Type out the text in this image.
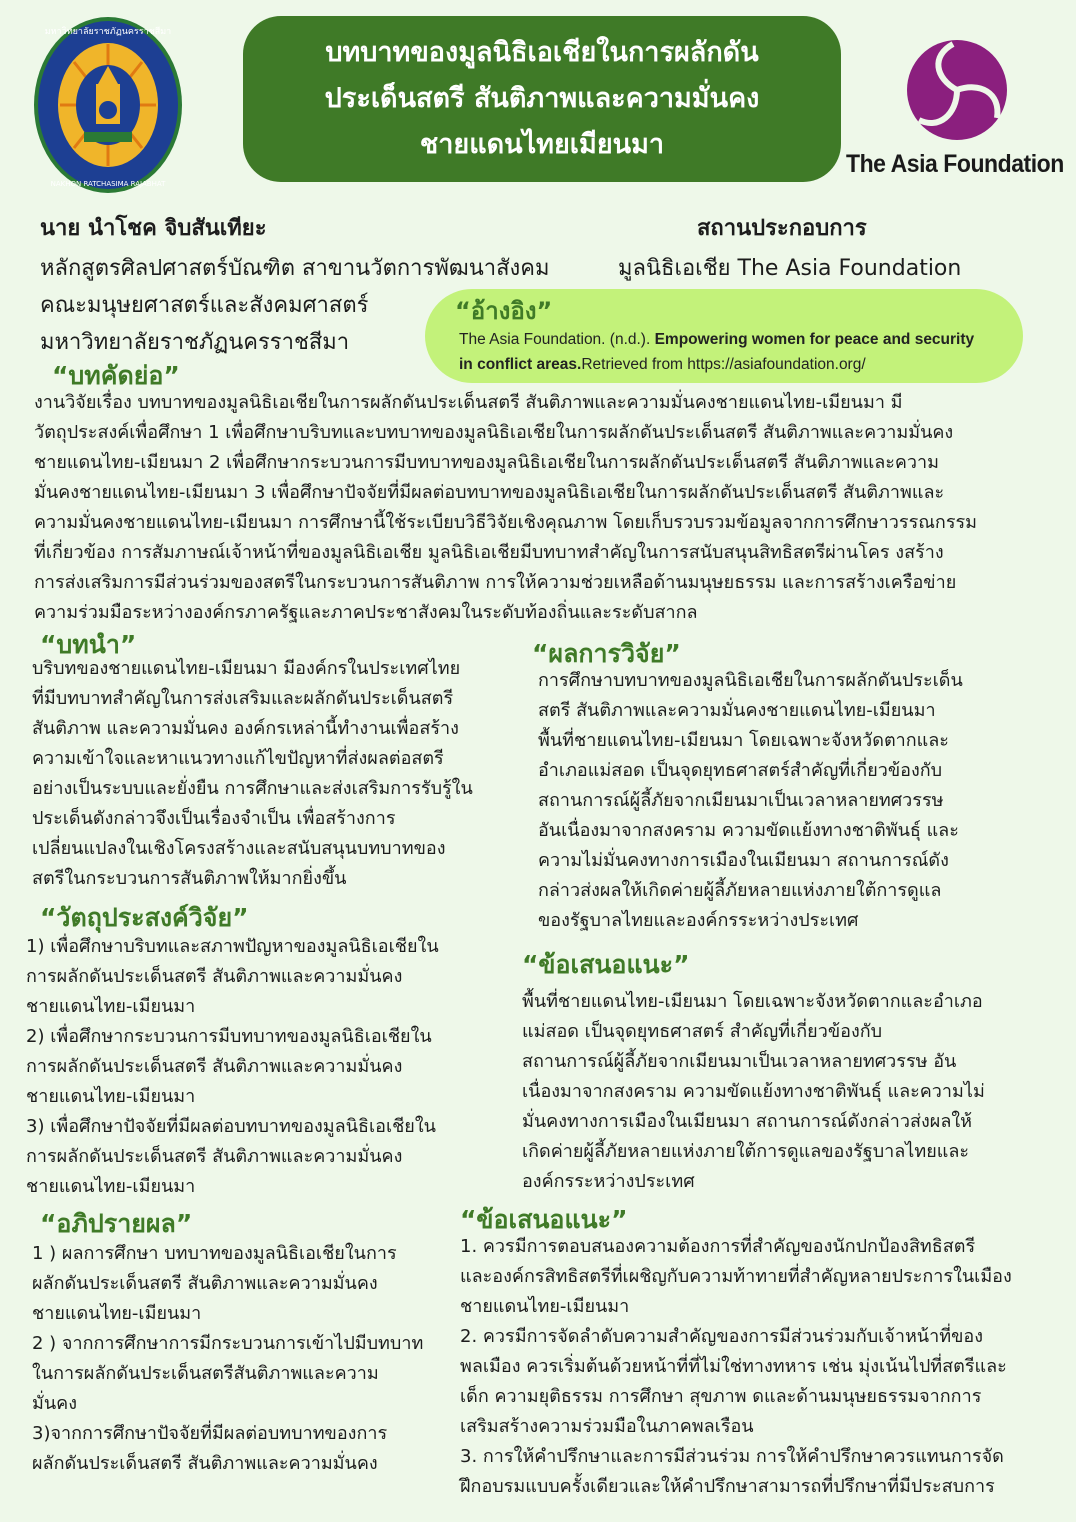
มหาวิทยาลัยราชภัฏนครราชสีมา
NAKHON RATCHASIMA RAJABHAT
The Asia Foundation
บทบาทของมูลนิธิเอเชียในการผลักดัน
ประเด็นสตรี สันติภาพและความมั่นคง
ชายแดนไทยเมียนมา
นาย นำโชค จิบสันเทียะ
หลักสูตรศิลปศาสตร์บัณฑิต สาขานวัตการพัฒนาสังคม
คณะมนุษยศาสตร์และสังคมศาสตร์
มหาวิทยาลัยราชภัฏนครราชสีมา
สถานประกอบการ
มูลนิธิเอเชีย The Asia Foundation
“อ้างอิง”
The Asia Foundation. (n.d.). Empowering women for peace and security
in conflict areas.Retrieved from https://asiafoundation.org/
“บทคัดย่อ”
งานวิจัยเรื่อง บทบาทของมูลนิธิเอเชียในการผลักดันประเด็นสตรี สันติภาพและความมั่นคงชายแดนไทย-เมียนมา มี
วัตถุประสงค์เพื่อศึกษา 1 เพื่อศึกษาบริบทและบทบาทของมูลนิธิเอเชียในการผลักดันประเด็นสตรี สันติภาพและความมั่นคง
ชายแดนไทย-เมียนมา 2 เพื่อศึกษากระบวนการมีบทบาทของมูลนิธิเอเชียในการผลักดันประเด็นสตรี สันติภาพและความ
มั่นคงชายแดนไทย-เมียนมา 3 เพื่อศึกษาปัจจัยที่มีผลต่อบทบาทของมูลนิธิเอเชียในการผลักดันประเด็นสตรี สันติภาพและ
ความมั่นคงชายแดนไทย-เมียนมา การศึกษานี้ใช้ระเบียบวิธีวิจัยเชิงคุณภาพ โดยเก็บรวบรวมข้อมูลจากการศึกษาวรรณกรรม
ที่เกี่ยวข้อง การสัมภาษณ์เจ้าหน้าที่ของมูลนิธิเอเชีย มูลนิธิเอเชียมีบทบาทสำคัญในการสนับสนุนสิทธิสตรีผ่านโคร งสร้าง
การส่งเสริมการมีส่วนร่วมของสตรีในกระบวนการสันติภาพ การให้ความช่วยเหลือด้านมนุษยธรรม และการสร้างเครือข่าย
ความร่วมมือระหว่างองค์กรภาครัฐและภาคประชาสังคมในระดับท้องถิ่นและระดับสากล
“บทนำ”
บริบทของชายแดนไทย-เมียนมา มีองค์กรในประเทศไทย
ที่มีบทบาทสำคัญในการส่งเสริมและผลักดันประเด็นสตรี
สันติภาพ และความมั่นคง องค์กรเหล่านี้ทำงานเพื่อสร้าง
ความเข้าใจและหาแนวทางแก้ไขปัญหาที่ส่งผลต่อสตรี
อย่างเป็นระบบและยั่งยืน การศึกษาและส่งเสริมการรับรู้ใน
ประเด็นดังกล่าวจึงเป็นเรื่องจำเป็น เพื่อสร้างการ
เปลี่ยนแปลงในเชิงโครงสร้างและสนับสนุนบทบาทของ
สตรีในกระบวนการสันติภาพให้มากยิ่งขึ้น
“วัตถุประสงค์วิจัย”
1) เพื่อศึกษาบริบทและสภาพปัญหาของมูลนิธิเอเชียใน
การผลักดันประเด็นสตรี สันติภาพและความมั่นคง
ชายแดนไทย-เมียนมา
2) เพื่อศึกษากระบวนการมีบทบาทของมูลนิธิเอเชียใน
การผลักดันประเด็นสตรี สันติภาพและความมั่นคง
ชายแดนไทย-เมียนมา
3) เพื่อศึกษาปัจจัยที่มีผลต่อบทบาทของมูลนิธิเอเชียใน
การผลักดันประเด็นสตรี สันติภาพและความมั่นคง
ชายแดนไทย-เมียนมา
“อภิปรายผล”
1 ) ผลการศึกษา บทบาทของมูลนิธิเอเชียในการ
ผลักดันประเด็นสตรี สันติภาพและความมั่นคง
ชายแดนไทย-เมียนมา
2 ) จากการศึกษาการมีกระบวนการเข้าไปมีบทบาท
ในการผลักดันประเด็นสตรีสันติภาพและความ
มั่นคง
3)จากการศึกษาปัจจัยที่มีผลต่อบทบาทของการ
ผลักดันประเด็นสตรี สันติภาพและความมั่นคง
“ผลการวิจัย”
การศึกษาบทบาทของมูลนิธิเอเชียในการผลักดันประเด็น
สตรี สันติภาพและความมั่นคงชายแดนไทย-เมียนมา
พื้นที่ชายแดนไทย-เมียนมา โดยเฉพาะจังหวัดตากและ
อำเภอแม่สอด เป็นจุดยุทธศาสตร์สำคัญที่เกี่ยวข้องกับ
สถานการณ์ผู้ลี้ภัยจากเมียนมาเป็นเวลาหลายทศวรรษ
อันเนื่องมาจากสงคราม ความขัดแย้งทางชาติพันธุ์ และ
ความไม่มั่นคงทางการเมืองในเมียนมา สถานการณ์ดัง
กล่าวส่งผลให้เกิดค่ายผู้ลี้ภัยหลายแห่งภายใต้การดูแล
ของรัฐบาลไทยและองค์กรระหว่างประเทศ
“ข้อเสนอแนะ”
พื้นที่ชายแดนไทย-เมียนมา โดยเฉพาะจังหวัดตากและอำเภอ
แม่สอด เป็นจุดยุทธศาสตร์ สำคัญที่เกี่ยวข้องกับ
สถานการณ์ผู้ลี้ภัยจากเมียนมาเป็นเวลาหลายทศวรรษ อัน
เนื่องมาจากสงคราม ความขัดแย้งทางชาติพันธุ์ และความไม่
มั่นคงทางการเมืองในเมียนมา สถานการณ์ดังกล่าวส่งผลให้
เกิดค่ายผู้ลี้ภัยหลายแห่งภายใต้การดูแลของรัฐบาลไทยและ
องค์กรระหว่างประเทศ
“ข้อเสนอแนะ”
1. ควรมีการตอบสนองความต้องการที่สำคัญของนักปกป้องสิทธิสตรี
และองค์กรสิทธิสตรีที่เผชิญกับความท้าทายที่สำคัญหลายประการในเมือง
ชายแดนไทย-เมียนมา
2. ควรมีการจัดลำดับความสำคัญของการมีส่วนร่วมกับเจ้าหน้าที่ของ
พลเมือง ควรเริ่มต้นด้วยหน้าที่ที่ไม่ใช่ทางทหาร เช่น มุ่งเน้นไปที่สตรีและ
เด็ก ความยุติธรรม การศึกษา สุขภาพ ดและด้านมนุษยธรรมจากการ
เสริมสร้างความร่วมมือในภาคพลเรือน
3. การให้คำปรึกษาและการมีส่วนร่วม การให้คำปรึกษาควรแทนการจัด
ฝึกอบรมแบบครั้งเดียวและให้คำปรึกษาสามารถที่ปรึกษาที่มีประสบการ
